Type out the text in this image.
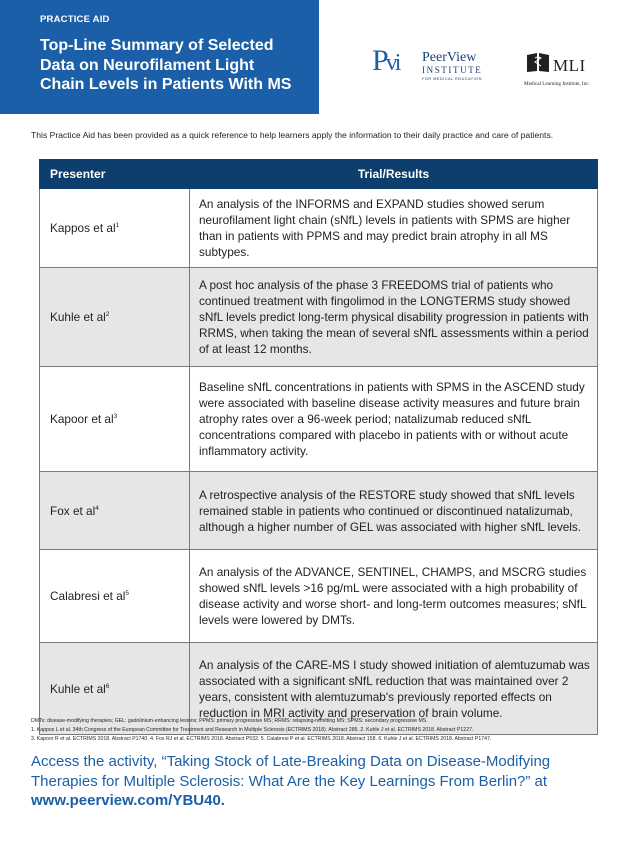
PRACTICE AID
Top-Line Summary of Selected
Data on Neurofilament Light
Chain Levels in Patients With MS
Pvi PeerView
INSTITUTE
FOR MEDICAL EDUCATION
MLI
Medical Learning Institute, Inc.
This Practice Aid has been provided as a quick reference to help learners apply the information to their daily practice and care of patients.
Presenter	Trial/Results
Kappos et $al^1$	An analysis of the INFORMS and EXPAND studies showed serum neurofilament light chain (sNfL) levels in patients with SPMS are higher than in patients with PPMS and may predict brain atrophy in all MS subtypes.
Kuhle et $al^2$	A post hoc analysis of the phase 3 FREEDOMS trial of patients who continued treatment with fingolimod in the LONGTERMS study showed sNfL levels predict long-term physical disability progression in patients with RRMS, when taking the mean of several sNfL assessments within a period of at least 12 months.
Kapoor et $al^3$	Baseline sNfL concentrations in patients with SPMS in the ASCEND study were associated with baseline disease activity measures and future brain atrophy rates over a 96-week period; natalizumab reduced sNfL concentrations compared with placebo in patients with or without acute inflammatory activity.
Fox et $al^4$	A retrospective analysis of the RESTORE study showed that sNfL levels remained stable in patients who continued or discontinued natalizumab, although a higher number of GEL was associated with higher sNfL levels.
Calabresi et $al^5$	An analysis of the ADVANCE, SENTINEL, CHAMPS, and MSCRG studies showed sNfL levels >16 pg/mL were associated with a high probability of disease activity and worse short- and long-term outcomes measures; sNfL levels were lowered by DMTs.
Kuhle et $al^6$	An analysis of the CARE-MS I study showed initiation of alemtuzumab was associated with a significant sNfL reduction that was maintained over 2 years, consistent with alemtuzumab's previously reported effects on reduction in MRI activity and preservation of brain volume.
DMTs: disease-modifying therapies; GEL: gadolinium-enhancing lesions; PPMS: primary progressive MS; RRMS: relapsing-remitting MS; SPMS: secondary progressive MS.
1. Kappos L et al. 34th Congress of the European Committee for Treatment and Research in Multiple Sclerosis (ECTRIMS 2018). Abstract 286. 2. Kuhle J et al. ECTRIMS 2018. Abstract P1227.
3. Kapoor R et al. ECTRIMS 2018. Abstract P1740. 4. Fox RJ et al. ECTRIMS 2018. Abstract P532. 5. Calabresi P et al. ECTRIMS 2018. Abstract 158. 6. Kuhle J et al. ECTRIMS 2018. Abstract P1747.
Access the activity, “Taking Stock of Late-Breaking Data on Disease-Modifying
Therapies for Multiple Sclerosis: What Are the Key Learnings From Berlin?” at
www.peerview.com/YBU40.
